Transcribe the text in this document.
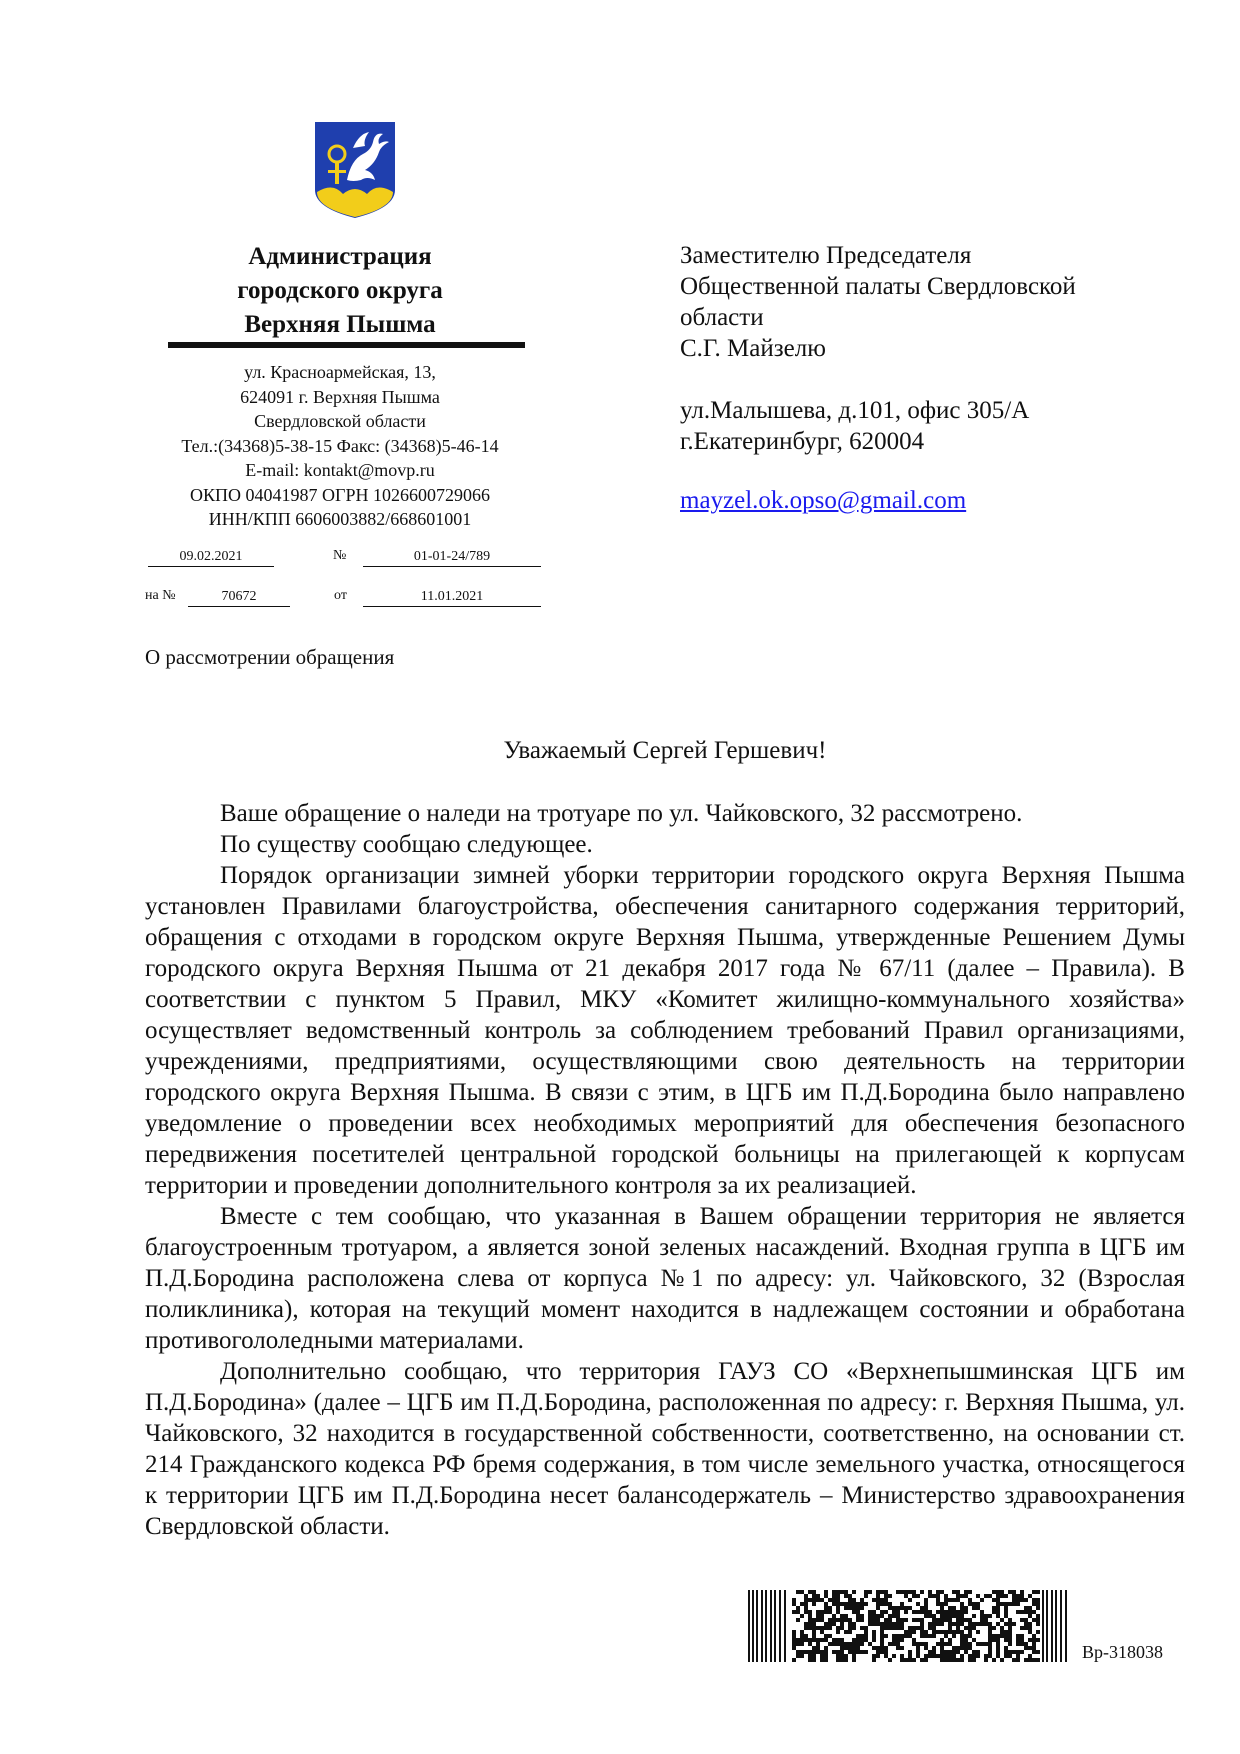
Администрация
городского округа
Верхняя Пышма
ул. Красноармейская, 13,
624091 г. Верхняя Пышма
Свердловской области
Тел.:(34368)5-38-15 Факс: (34368)5-46-14
E-mail: kontakt@movp.ru
ОКПО 04041987 ОГРН 1026600729066
ИНН/КПП 6606003882/668601001
09.02.2021	№	01-01-24/789
на №	70672	от	11.01.2021
Заместителю Председателя
Общественной палаты Свердловской
области
С.Г. Майзелю
ул.Малышева, д.101, офис 305/А
г.Екатеринбург, 620004
mayzel.ok.opso@gmail.com
О рассмотрении обращения
Уважаемый Сергей Гершевич!

Ваше обращение о наледи на тротуаре по ул. Чайковского, 32 рассмотрено.

По существу сообщаю следующее.

Порядок организации зимней уборки территории городского округа Верхняя Пышма установлен Правилами благоустройства, обеспечения санитарного содержания территорий, обращения с отходами в городском округе Верхняя Пышма, утвержденные Решением Думы городского округа Верхняя Пышма от 21 декабря 2017 года № 67/11 (далее – Правила). В соответствии с пунктом 5 Правил, МКУ «Комитет жилищно-коммунального хозяйства» осуществляет ведомственный контроль за соблюдением требований Правил организациями, учреждениями, предприятиями, осуществляющими свою деятельность на территории городского округа Верхняя Пышма. В связи с этим, в ЦГБ им П.Д.Бородина было направлено уведомление о проведении всех необходимых мероприятий для обеспечения безопасного передвижения посетителей центральной городской больницы на прилегающей к корпусам территории и проведении дополнительного контроля за их реализацией.

Вместе с тем сообщаю, что указанная в Вашем обращении территория не является благоустроенным тротуаром, а является зоной зеленых насаждений. Входная группа в ЦГБ им П.Д.Бородина расположена слева от корпуса №1 по адресу: ул. Чайковского, 32 (Взрослая поликлиника), которая на текущий момент находится в надлежащем состоянии и обработана противогололедными материалами.

Дополнительно сообщаю, что территория ГАУЗ СО «Верхнепышминская ЦГБ им П.Д.Бородина» (далее – ЦГБ им П.Д.Бородина, расположенная по адресу: г. Верхняя Пышма, ул. Чайковского, 32 находится в государственной собственности, соответственно, на основании ст. 214 Гражданского кодекса РФ бремя содержания, в том числе земельного участка, относящегося к территории ЦГБ им П.Д.Бородина несет балансодержатель – Министерство здравоохранения Свердловской области.

Вр-318038
